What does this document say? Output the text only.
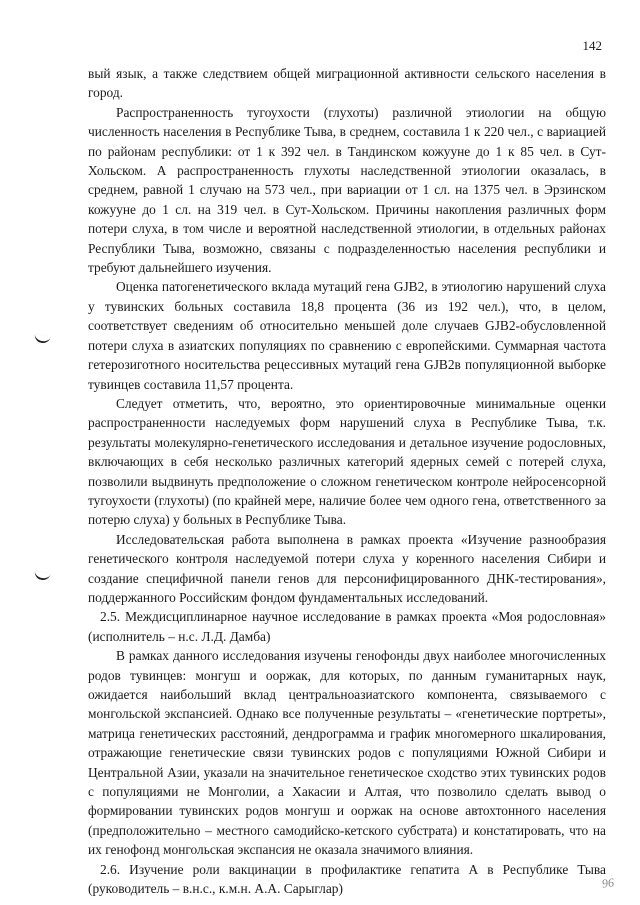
142

вый язык, а также следствием общей миграционной активности сельского населения в город.

Распространенность тугоухости (глухоты) различной этиологии на общую численность населения в Республике Тыва, в среднем, составила 1 к 220 чел., с вариацией по районам республики: от 1 к 392 чел. в Тандинском кожууне до 1 к 85 чел. в Сут-Хольском. А распространенность глухоты наследственной этиологии оказалась, в среднем, равной 1 случаю на 573 чел., при вариации от 1 сл. на 1375 чел. в Эрзинском кожууне до 1 сл. на 319 чел. в Сут-Хольском. Причины накопления различных форм потери слуха, в том числе и вероятной наследственной этиологии, в отдельных районах Республики Тыва, возможно, связаны с подразделенностью населения республики и требуют дальнейшего изучения.

Оценка патогенетического вклада мутаций гена GJB2, в этиологию нарушений слуха у тувинских больных составила 18,8 процента (36 из 192 чел.), что, в целом, соответствует сведениям об относительно меньшей доле случаев GJB2-обусловленной потери слуха в азиатских популяциях по сравнению с европейскими. Суммарная частота гетерозиготного носительства рецессивных мутаций гена GJB2в популяционной выборке тувинцев составила 11,57 процента.

Следует отметить, что, вероятно, это ориентировочные минимальные оценки распространенности наследуемых форм нарушений слуха в Республике Тыва, т.к. результаты молекулярно-генетического исследования и детальное изучение родословных, включающих в себя несколько различных категорий ядерных семей с потерей слуха, позволили выдвинуть предположение о сложном генетическом контроле нейросенсорной тугоухости (глухоты) (по крайней мере, наличие более чем одного гена, ответственного за потерю слуха) у больных в Республике Тыва.

Исследовательская работа выполнена в рамках проекта «Изучение разнообразия генетического контроля наследуемой потери слуха у коренного населения Сибири и создание специфичной панели генов для персонифицированного ДНК-тестирования», поддержанного Российским фондом фундаментальных исследований.

2.5. Междисциплинарное научное исследование в рамках проекта «Моя родословная» (исполнитель – н.с. Л.Д. Дамба)

В рамках данного исследования изучены генофонды двух наиболее многочисленных родов тувинцев: монгуш и ооржак, для которых, по данным гуманитарных наук, ожидается наибольший вклад центральноазиатского компонента, связываемого с монгольской экспансией. Однако все полученные результаты – «генетические портреты», матрица генетических расстояний, дендрограмма и график многомерного шкалирования, отражающие генетические связи тувинских родов с популяциями Южной Сибири и Центральной Азии, указали на значительное генетическое сходство этих тувинских родов с популяциями не Монголии, а Хакасии и Алтая, что позволило сделать вывод о формировании тувинских родов монгуш и ооржак на основе автохтонного населения (предположительно – местного самодийско-кетского субстрата) и констатировать, что на их генофонд монгольская экспансия не оказала значимого влияния.

2.6. Изучение роли вакцинации в профилактике гепатита А в Республике Тыва (руководитель – в.н.с., к.м.н. А.А. Сарыглар)	96
